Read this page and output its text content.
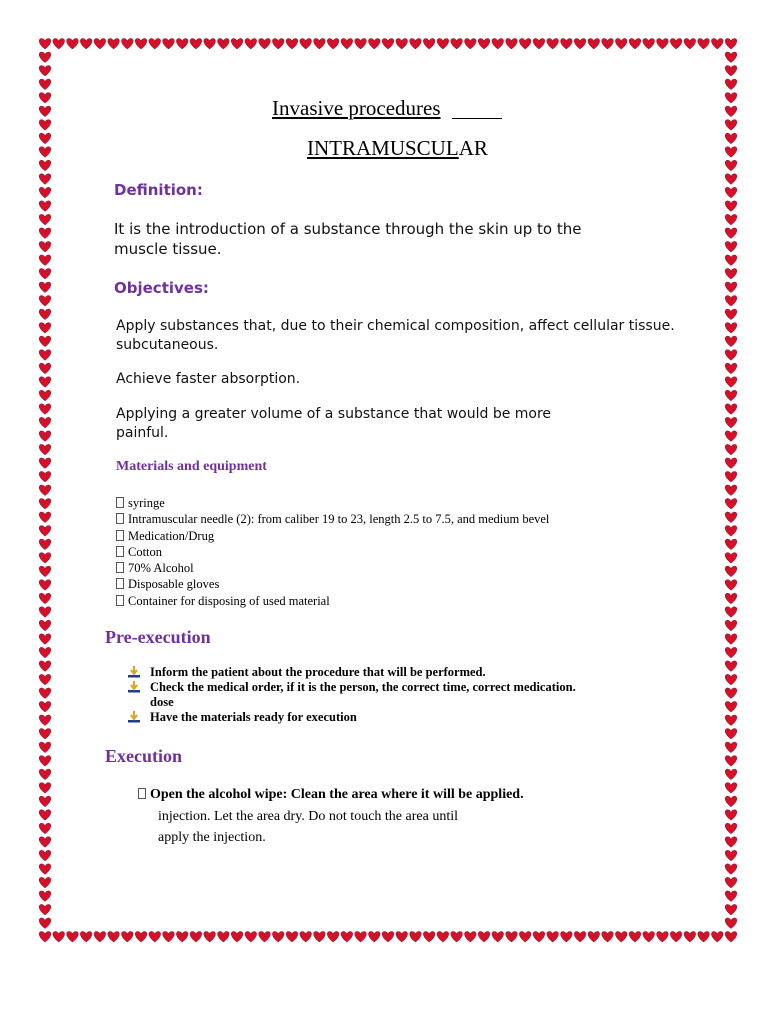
Invasive procedures
INTRAMUSCULAR
Definition:
It is the introduction of a substance through the skin up to the
muscle tissue.
Objectives:
Apply substances that, due to their chemical composition, affect cellular tissue.
subcutaneous.
Achieve faster absorption.
Applying a greater volume of a substance that would be more
painful.
Materials and equipment
syringe
Intramuscular needle (2): from caliber 19 to 23, length 2.5 to 7.5, and medium bevel
Medication/Drug
Cotton
70% Alcohol
Disposable gloves
Container for disposing of used material
Pre-execution
Inform the patient about the procedure that will be performed.
Check the medical order, if it is the person, the correct time, correct medication.
dose
Have the materials ready for execution
Execution
Open the alcohol wipe: Clean the area where it will be applied.
injection. Let the area dry. Do not touch the area until
apply the injection.
